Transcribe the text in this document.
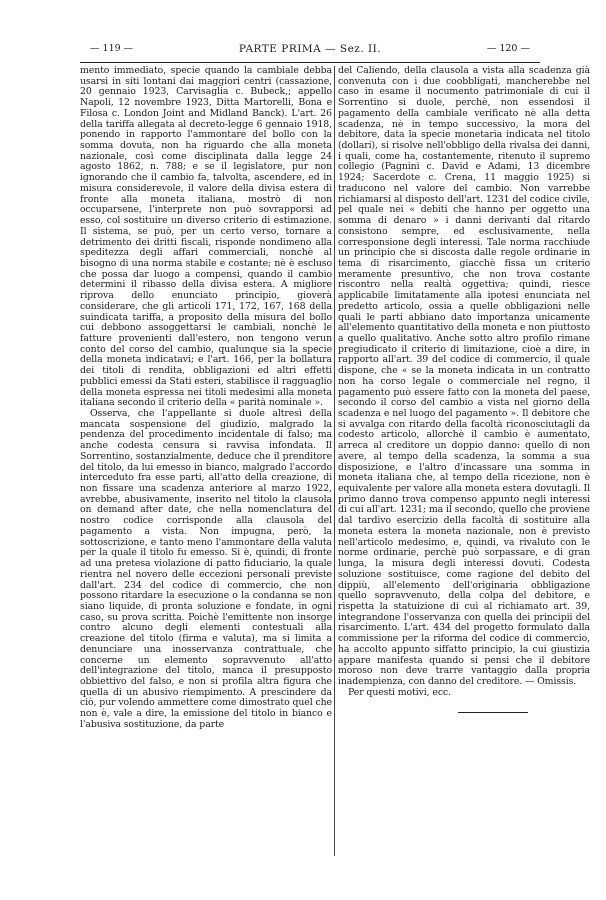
— 119 —	PARTE PRIMA — Sez. II.	— 120 —

mento immediato, specie quando la cambiale debba usarsi in siti lontani dai maggiori centri (cassazione, 20 gennaio 1923, Carvisaglia c. Bubeck,; appello Napoli, 12 novembre 1923, Ditta Martorelli, Bona e Filosa c. London Joint and Midland Banck). L'art. 26 della tariffa allegata al decreto-legge 6 gennaio 1918, ponendo in rapporto l'ammontare del bollo con la somma dovuta, non ha riguardo che alla moneta nazionale, così come disciplinata dalla legge 24 agosto 1862, n. 788; e se il legislatore, pur non ignorando che il cambio fa, talvolta, ascendere, ed in misura considerevole, il valore della divisa estera di fronte alla moneta italiana, mostrò di non occuparsene, l'interprete non può sovrapporsi ad esso, col sostituire un diverso criterio di estimazione. Il sistema, se può, per un certo verso, tornare a detrimento dei dritti fiscali, risponde nondimeno alla speditezza degli affari commerciali, nonchè al bisogno di una norma stabile e costante; nè è escluso che possa dar luogo a compensi, quando il cambio determini il ribasso della divisa estera. A migliore riprova dello enunciato principio, gioverà considerare, che gli articoli 171, 172, 167, 168 della suindicata tariffa, a proposito della misura del bollo cui debbono assoggettarsi le cambiali, nonchè le fatture provenienti dall'estero, non tengono verun conto del corso del cambio, qualunque sia la specie della moneta indicatavi; e l'art. 166, per la bollatura dei titoli di rendita, obbligazioni ed altri effetti pubblici emessi da Stati esteri, stabilisce il ragguaglio della moneta espressa nei titoli medesimi alla moneta italiana secondo il criterio della « parità nominale ».

Osserva, che l'appellante si duole altresì della mancata sospensione del giudizio, malgrado la pendenza del procedimento incidentale di falso; ma anche codesta censura si ravvisa infondata. Il Sorrentino, sostanzialmente, deduce che il prenditore del titolo, da lui emesso in bianco, malgrado l'accordo interceduto fra esse parti, all'atto della creazione, di non fissare una scadenza anteriore al marzo 1922, avrebbe, abusivamente, inserito nel titolo la clausola on demand after date, che nella nomenclatura del nostro codice corrisponde alla clausola del pagamento a vista. Non impugna, però, la sottoscrizione, e tanto meno l'ammontare della valuta per la quale il titolo fu emesso. Si è, quindi, di fronte ad una pretesa violazione di patto fiduciario, la quale rientra nel novero delle eccezioni personali previste dall'art. 234 del codice di commercio, che non possono ritardare la esecuzione o la condanna se non siano liquide, di pronta soluzione e fondate, in ogni caso, su prova scritta. Poichè l'emittente non insorge contro alcuno degli elementi contestuali alla creazione del titolo (firma e valuta), ma si limita a denunciare una inosservanza contrattuale, che concerne un elemento sopravvenuto all'atto dell'integrazione del titolo, manca il presupposto obbiettivo del falso, e non si profila altra figura che quella di un abusivo riempimento. A prescindere da ciò, pur volendo ammettere come dimostrato quel che non è, vale a dire, la emissione del titolo in bianco e l'abusiva sostituzione, da parte

del Caliendo, della clausola a vista alla scadenza già convenuta con i due coobbligati, mancherebbe nel caso in esame il nocumento patrimoniale di cui il Sorrentino si duole, perchè, non essendosi il pagamento della cambiale verificato nè alla detta scadenza, nè in tempo successivo, la mora del debitore, data la specie monetaria indicata nel titolo (dollari), si risolve nell'obbligo della rivalsa dei danni, i quali, come ha, costantemente, ritenuto il supremo collegio (Pagnini c. David e Adami, 13 dicembre 1924; Sacerdote c. Crena, 11 maggio 1925) si traducono nel valore del cambio. Non varrebbe richiamarsi al disposto dell'art. 1231 del codice civile, pel quale nei « debiti che hanno per oggetto una somma di denaro » i danni derivanti dal ritardo consistono sempre, ed esclusivamente, nella corresponsione degli interessi. Tale norma racchiude un principio che si discosta dalle regole ordinarie in tema di risarcimento, giacchè fissa un criterio meramente presuntivo, che non trova costante riscontro nella realtà oggettiva; quindi, riesce applicabile limitatamente alla ipotesi enunciata nel predetto articolo, ossia a quelle obbligazioni nelle quali le parti abbiano dato importanza unicamente all'elemento quantitativo della moneta e non piuttosto a quello qualitativo. Anche sotto altro profilo rimane pregiudicato il criterio di limitazione, cioè a dire, in rapporto all'art. 39 del codice di commercio, il quale dispone, che « se la moneta indicata in un contratto non ha corso legale o commerciale nel regno, il pagamento può essere fatto con la moneta del paese, secondo il corso del cambio a vista nel giorno della scadenza e nel luogo del pagamento ». Il debitore che si avvalga con ritardo della facoltà riconosciutagli da codesto articolo, allorchè il cambio è aumentato, arreca al creditore un doppio danno: quello di non avere, al tempo della scadenza, la somma a sua disposizione, e l'altro d'incassare una somma in moneta italiana che, al tempo della ricezione, non è equivalente per valore alla moneta estera dovutagli. Il primo danno trova compenso appunto negli interessi di cui all'art. 1231; ma il secondo, quello che proviene dal tardivo esercizio della facoltà di sostituire alla moneta estera la moneta nazionale, non è previsto nell'articolo medesimo, e, quindi, va rivaluto con le norme ordinarie, perchè può sorpassare, e di gran lunga, la misura degli interessi dovuti. Codesta soluzione sostituisce, come ragione del debito del dippiù, all'elemento dell'originaria obbligazione quello sopravvenuto, della colpa del debitore, e rispetta la statuizione di cui al richiamato art. 39, integrandone l'osservanza con quella dei principii del risarcimento. L'art. 434 del progetto formulato dalla commissione per la riforma del codice di commercio, ha accolto appunto siffatto principio, la cui giustizia appare manifesta quando si pensi che il debitore moroso non deve trarre vantaggio dalla propria inadempienza, con danno del creditore. — Omissis.

Per questi motivi, ecc.
